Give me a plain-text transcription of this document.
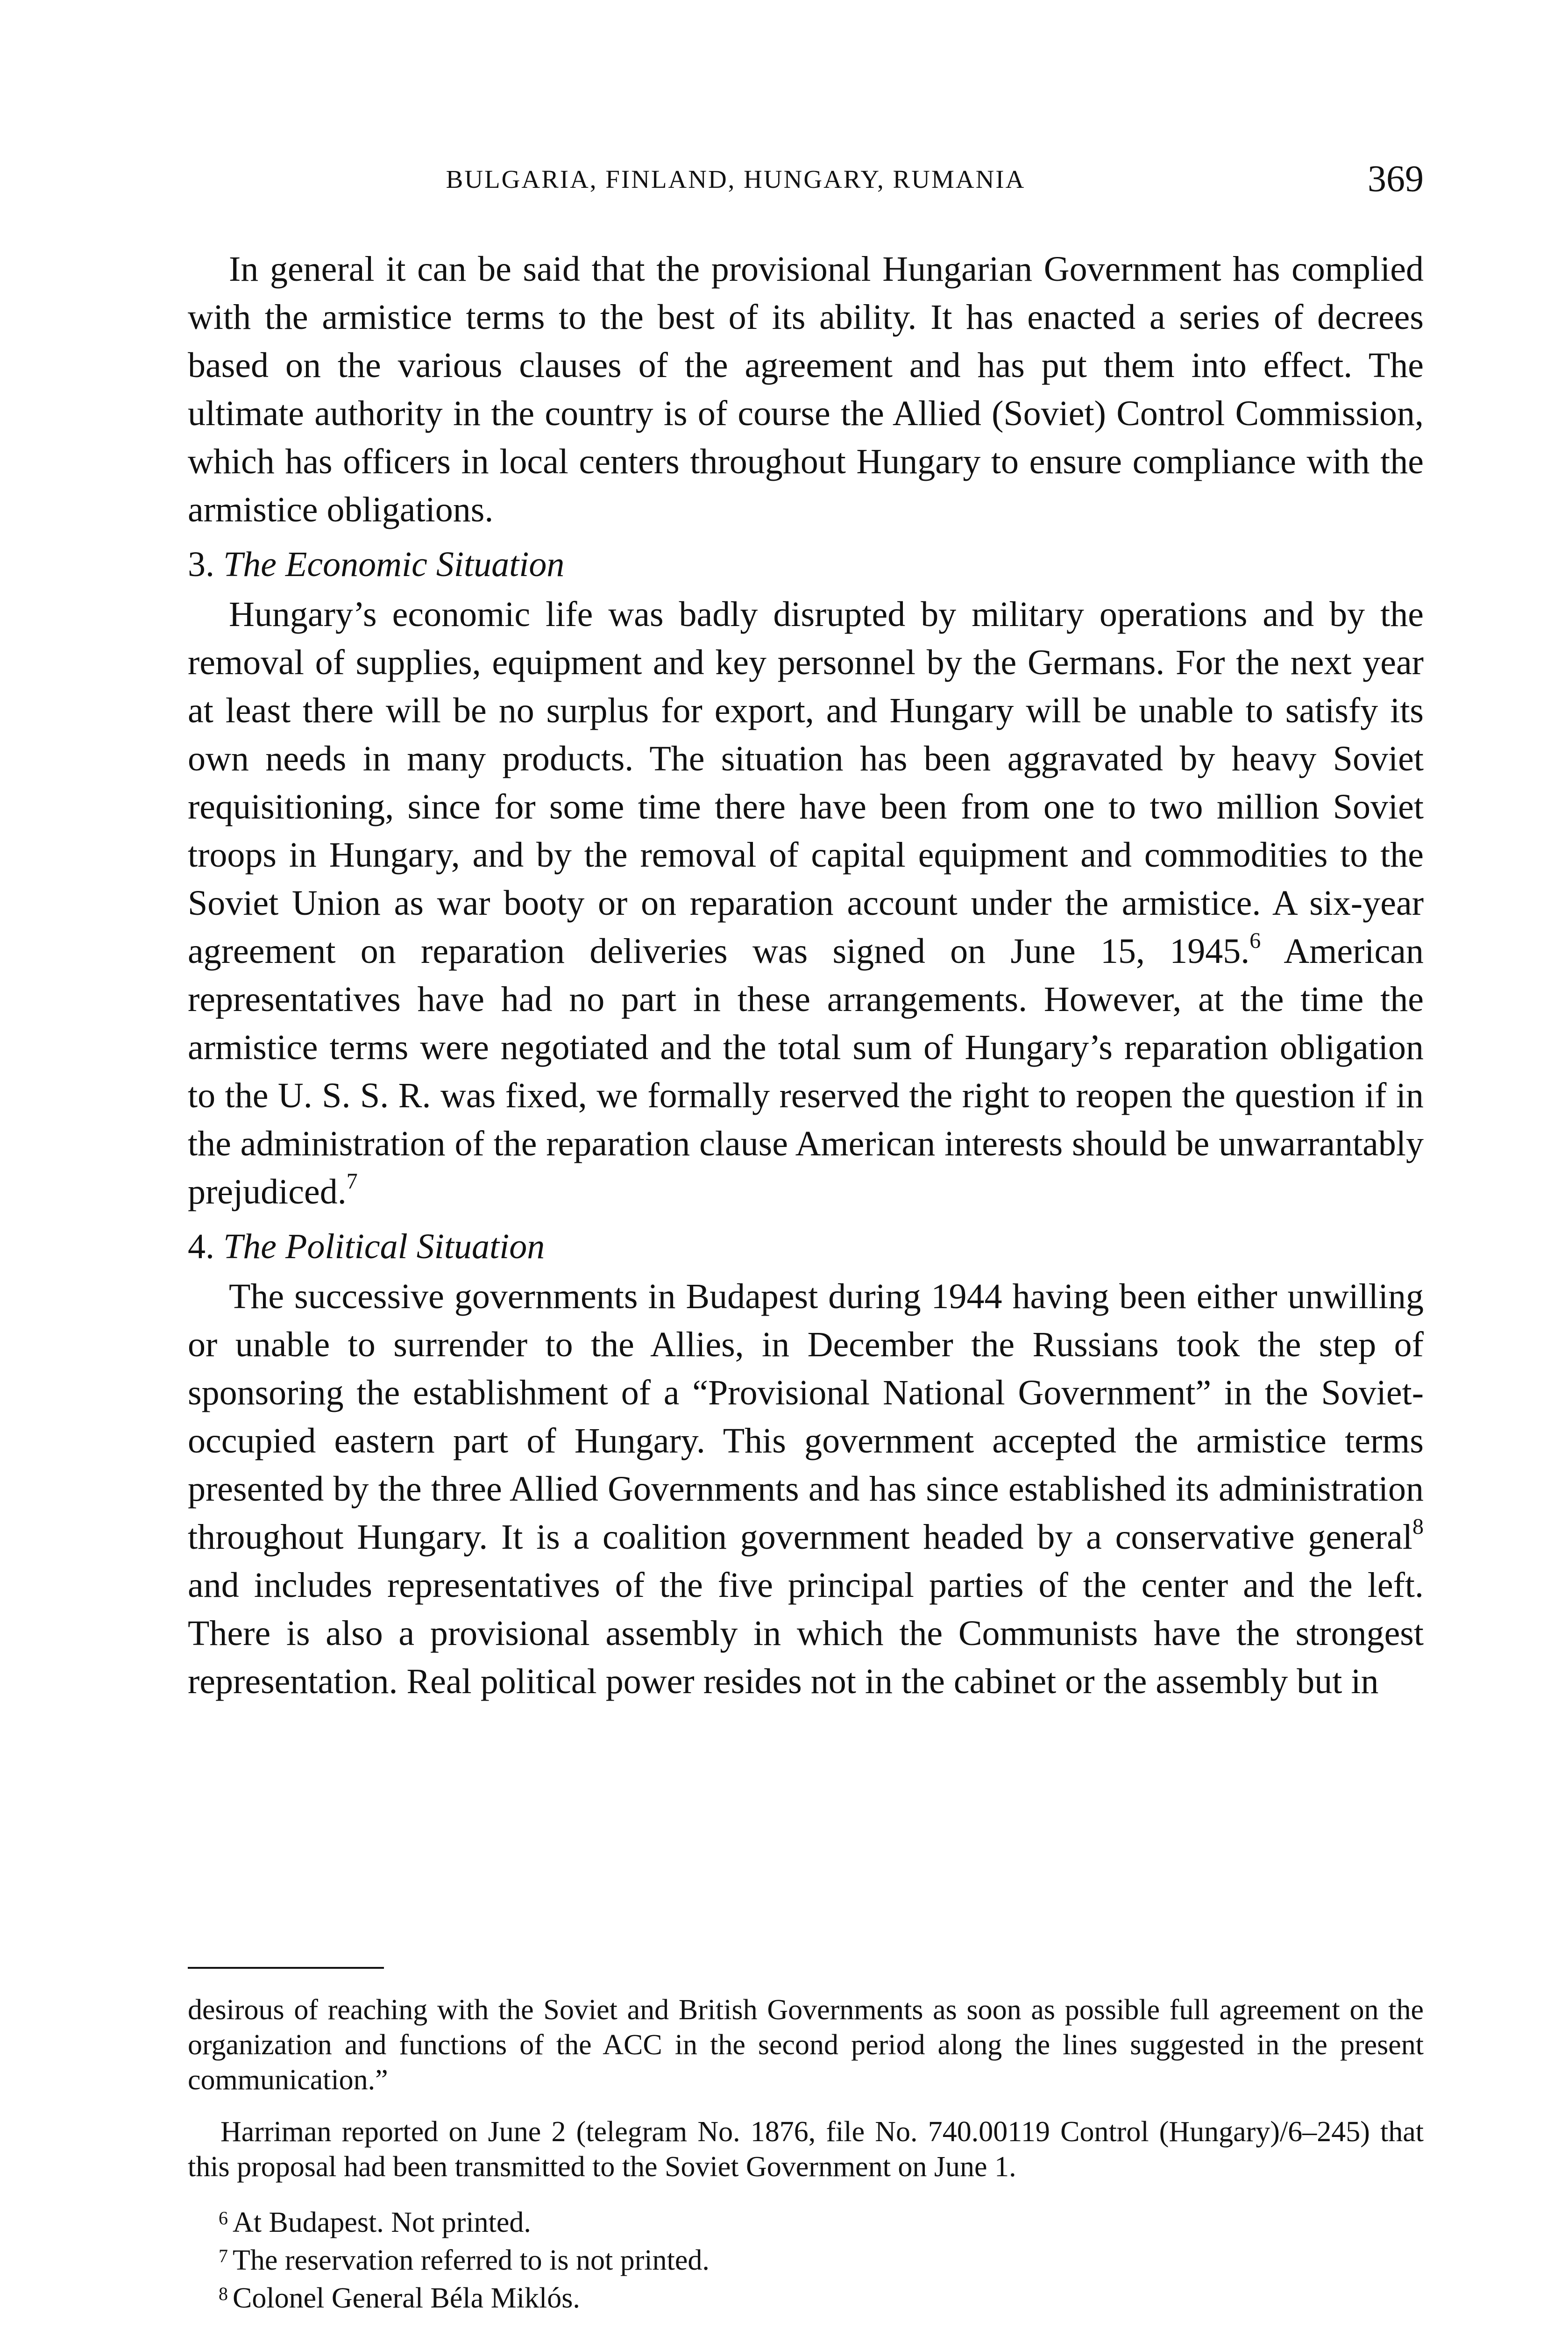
BULGARIA, FINLAND, HUNGARY, RUMANIA	369

In general it can be said that the provisional Hungarian Government has complied with the armistice terms to the best of its ability. It has enacted a series of decrees based on the various clauses of the agreement and has put them into effect. The ultimate authority in the country is of course the Allied (Soviet) Control Commission, which has officers in local centers throughout Hungary to ensure compliance with the armistice obligations.

3. The Economic Situation

Hungary’s economic life was badly disrupted by military operations and by the removal of supplies, equipment and key personnel by the Germans. For the next year at least there will be no surplus for export, and Hungary will be unable to satisfy its own needs in many products. The situation has been aggravated by heavy Soviet requisitioning, since for some time there have been from one to two million Soviet troops in Hungary, and by the removal of capital equipment and commodities to the Soviet Union as war booty or on reparation account under the armistice. A six-year agreement on reparation deliveries was signed on June 15, 1945.$^6$ American representatives have had no part in these arrangements. However, at the time the armistice terms were negotiated and the total sum of Hungary’s reparation obligation to the U. S. S. R. was fixed, we formally reserved the right to reopen the question if in the administration of the reparation clause American interests should be unwarrantably prejudiced.$^7$

4. The Political Situation

The successive governments in Budapest during 1944 having been either unwilling or unable to surrender to the Allies, in December the Russians took the step of sponsoring the establishment of a “Provisional National Government” in the Soviet-occupied eastern part of Hungary. This government accepted the armistice terms presented by the three Allied Governments and has since established its administration throughout Hungary. It is a coalition government headed by a conservative general$^8$ and includes representatives of the five principal parties of the center and the left. There is also a provisional assembly in which the Communists have the strongest representation. Real political power resides not in the cabinet or the assembly but in

desirous of reaching with the Soviet and British Governments as soon as possible full agreement on the organization and functions of the ACC in the second period along the lines suggested in the present communication.”

Harriman reported on June 2 (telegram No. 1876, file No. 740.00119 Control (Hungary)/6–245) that this proposal had been transmitted to the Soviet Government on June 1.

$^6$ At Budapest. Not printed.

$^7$ The reservation referred to is not printed.

$^8$ Colonel General Béla Miklós.
